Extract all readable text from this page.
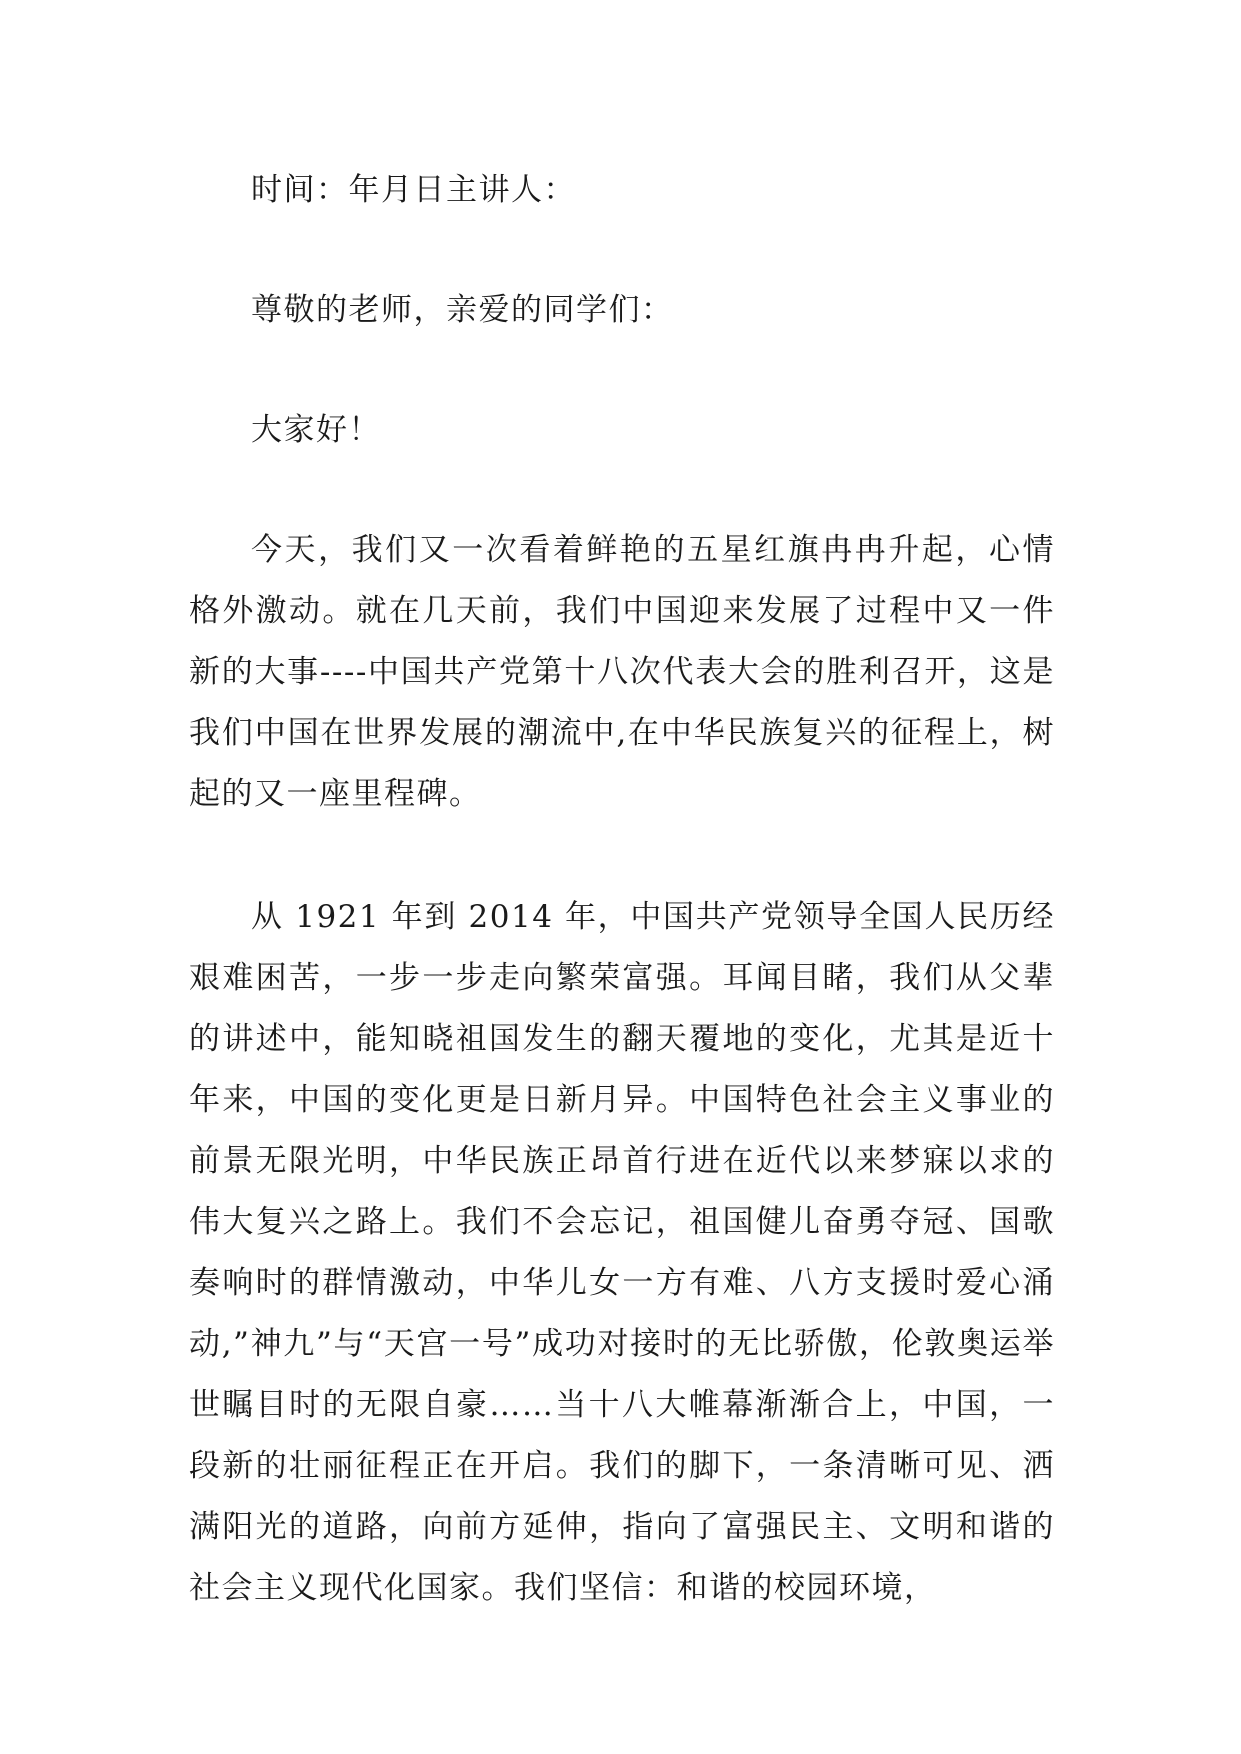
时间：年月日主讲人：

尊敬的老师，亲爱的同学们：

大家好！

今天，我们又一次看着鲜艳的五星红旗冉冉升起，心情格外激动。就在几天前，我们中国迎来发展了过程中又一件新的大事----中国共产党第十八次代表大会的胜利召开，这是我们中国在世界发展的潮流中,在中华民族复兴的征程上，树起的又一座里程碑。

从 1921 年到 2014 年，中国共产党领导全国人民历经艰难困苦，一步一步走向繁荣富强。耳闻目睹，我们从父辈的讲述中，能知晓祖国发生的翻天覆地的变化，尤其是近十年来，中国的变化更是日新月异。中国特色社会主义事业的前景无限光明，中华民族正昂首行进在近代以来梦寐以求的伟大复兴之路上。我们不会忘记，祖国健儿奋勇夺冠、国歌奏响时的群情激动，中华儿女一方有难、八方支援时爱心涌动,”神九”与“天宫一号”成功对接时的无比骄傲，伦敦奥运举世瞩目时的无限自豪……当十八大帷幕渐渐合上，中国，一段新的壮丽征程正在开启。我们的脚下，一条清晰可见、洒满阳光的道路，向前方延伸，指向了富强民主、文明和谐的社会主义现代化国家。我们坚信：和谐的校园环境，
